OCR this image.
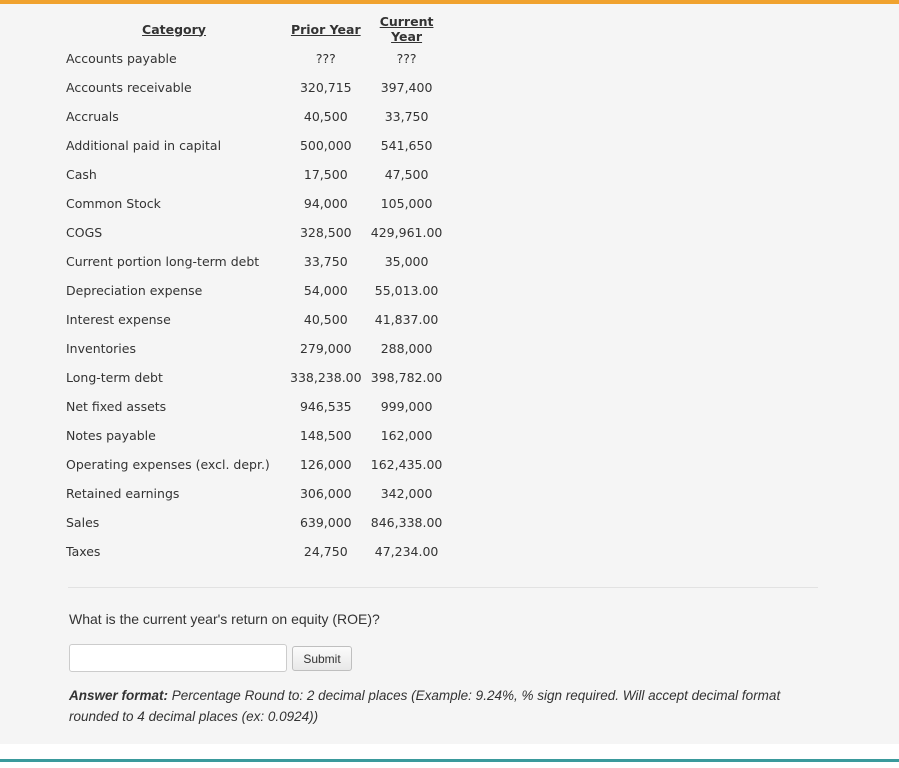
Category	Prior Year	Current Year
Accounts payable	???	???
Accounts receivable	320,715	397,400
Accruals	40,500	33,750
Additional paid in capital	500,000	541,650
Cash	17,500	47,500
Common Stock	94,000	105,000
COGS	328,500	429,961.00
Current portion long-term debt	33,750	35,000
Depreciation expense	54,000	55,013.00
Interest expense	40,500	41,837.00
Inventories	279,000	288,000
Long-term debt	338,238.00	398,782.00
Net fixed assets	946,535	999,000
Notes payable	148,500	162,000
Operating expenses (excl. depr.)	126,000	162,435.00
Retained earnings	306,000	342,000
Sales	639,000	846,338.00
Taxes	24,750	47,234.00
What is the current year's return on equity (ROE)?
Submit
Answer format: Percentage Round to: 2 decimal places (Example: 9.24%, % sign required. Will accept decimal format rounded to 4 decimal places (ex: 0.0924))
